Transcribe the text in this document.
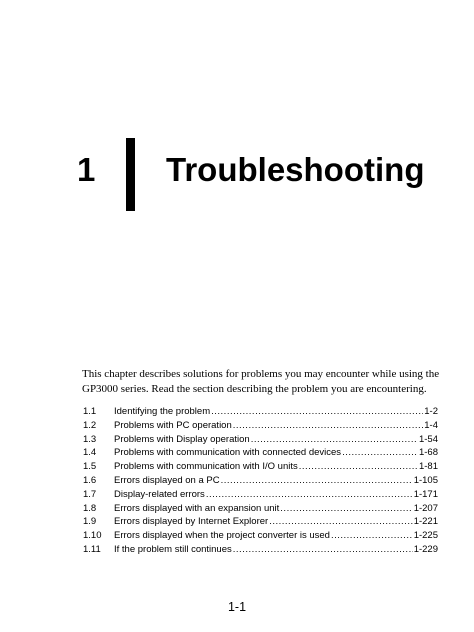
1 Troubleshooting
This chapter describes solutions for problems you may encounter while using the
GP3000 series. Read the section describing the problem you are encountering.
1.1	Identifying the problem .....	1-2
1.2	Problems with PC operation .....	1-4
1.3	Problems with Display operation .....	1-54
1.4	Problems with communication with connected devices .....	1-68
1.5	Problems with communication with I/O units .....	1-81
1.6	Errors displayed on a PC .....	1-105
1.7	Display-related errors .....	1-171
1.8	Errors displayed with an expansion unit .....	1-207
1.9	Errors displayed by Internet Explorer .....	1-221
1.10	Errors displayed when the project converter is used .....	1-225
1.11	If the problem still continues .....	1-229
1-1
